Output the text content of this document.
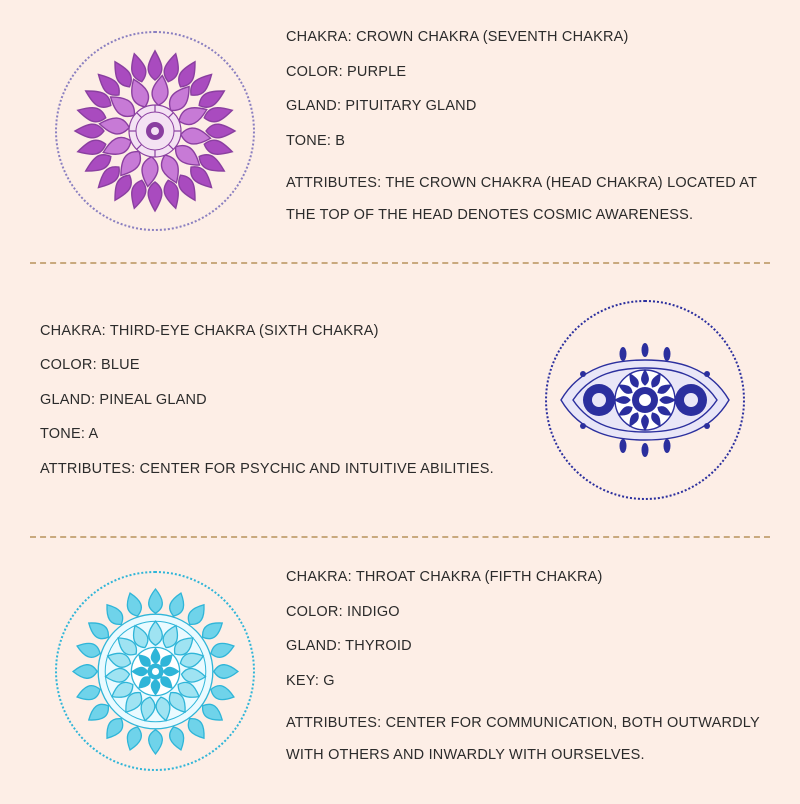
CHAKRA: CROWN CHAKRA (SEVENTH CHAKRA)

COLOR: PURPLE

GLAND: PITUITARY GLAND

TONE: B

ATTRIBUTES: THE CROWN CHAKRA (HEAD CHAKRA) LOCATED AT THE TOP OF THE HEAD DENOTES COSMIC AWARENESS.

CHAKRA: THIRD-EYE CHAKRA (SIXTH CHAKRA)

COLOR: BLUE

GLAND: PINEAL GLAND

TONE: A

ATTRIBUTES: CENTER FOR PSYCHIC AND INTUITIVE ABILITIES.

CHAKRA: THROAT CHAKRA (FIFTH CHAKRA)

COLOR: INDIGO

GLAND: THYROID

KEY: G

ATTRIBUTES: CENTER FOR COMMUNICATION, BOTH OUTWARDLY WITH OTHERS AND INWARDLY WITH OURSELVES.
